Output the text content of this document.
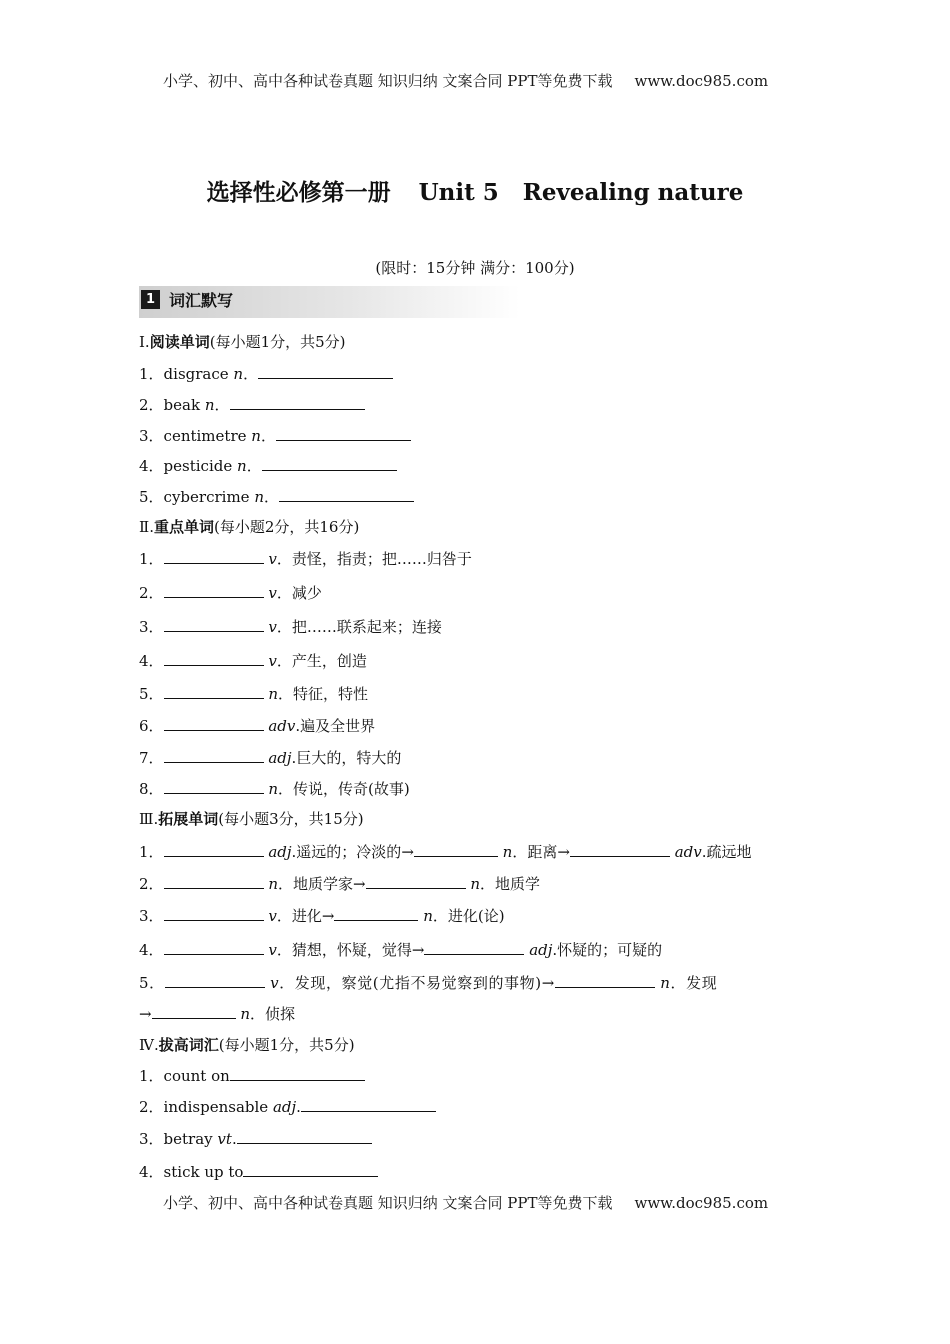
小学、初中、高中各种试卷真题 知识归纳 文案合同 PPT等免费下载 www.doc985.com
选择性必修第一册 Unit 5 Revealing nature
(限时：15分钟 满分：100分)
1 词汇默写
Ⅰ.阅读单词(每小题1分，共5分)
1．disgrace n．
2．beak n．
3．centimetre n．
4．pesticide n．
5．cybercrime n．
Ⅱ.重点单词(每小题2分，共16分)
1．	v．责怪，指责；把……归咎于
2．	v．减少
3．	v．把……联系起来；连接
4．	v．产生，创造
5．	n．特征，特性
6．	adv.遍及全世界
7．	adj.巨大的，特大的
8．	n．传说，传奇(故事)
Ⅲ.拓展单词(每小题3分，共15分)
1．	adj.遥远的；冷淡的→	n．距离→	adv.疏远地
2．	n．地质学家→	n．地质学
3．	v．进化→	n．进化(论)
4．	v．猜想，怀疑，觉得→	adj.怀疑的；可疑的
5．	v．发现，察觉(尤指不易觉察到的事物)→	n．发现
→	n．侦探
Ⅳ.拔高词汇(每小题1分，共5分)
1．count on
2．indispensable adj.
3．betray vt.
4．stick up to
小学、初中、高中各种试卷真题 知识归纳 文案合同 PPT等免费下载 www.doc985.com
